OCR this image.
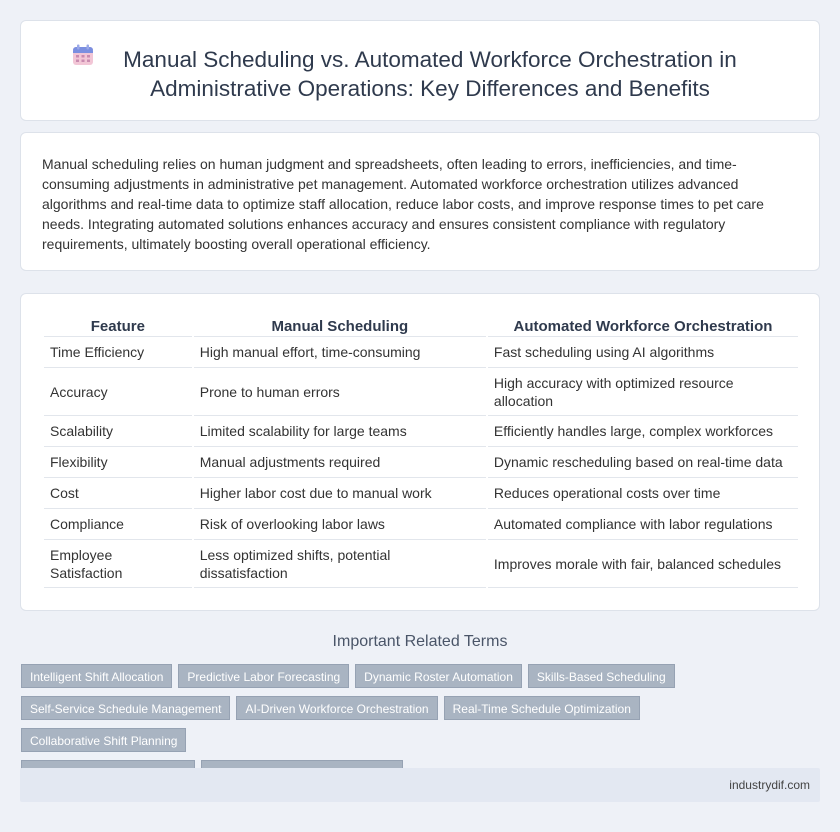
Manual Scheduling vs. Automated Workforce Orchestration in Administrative Operations: Key Differences and Benefits

Manual scheduling relies on human judgment and spreadsheets, often leading to errors, inefficiencies, and time-consuming adjustments in administrative pet management. Automated workforce orchestration utilizes advanced algorithms and real-time data to optimize staff allocation, reduce labor costs, and improve response times to pet care needs. Integrating automated solutions enhances accuracy and ensures consistent compliance with regulatory requirements, ultimately boosting overall operational efficiency.

Feature	Manual Scheduling	Automated Workforce Orchestration
Time Efficiency	High manual effort, time-consuming	Fast scheduling using AI algorithms
Accuracy	Prone to human errors	High accuracy with optimized resource allocation
Scalability	Limited scalability for large teams	Efficiently handles large, complex workforces
Flexibility	Manual adjustments required	Dynamic rescheduling based on real-time data
Cost	Higher labor cost due to manual work	Reduces operational costs over time
Compliance	Risk of overlooking labor laws	Automated compliance with labor regulations
Employee Satisfaction	Less optimized shifts, potential dissatisfaction	Improves morale with fair, balanced schedules
Important Related Terms
Intelligent Shift Allocation Predictive Labor Forecasting Dynamic Roster Automation Skills-Based Scheduling
Self-Service Schedule Management AI-Driven Workforce Orchestration Real-Time Schedule OptimizationCollaborative Shift Planning

industrydif.com
